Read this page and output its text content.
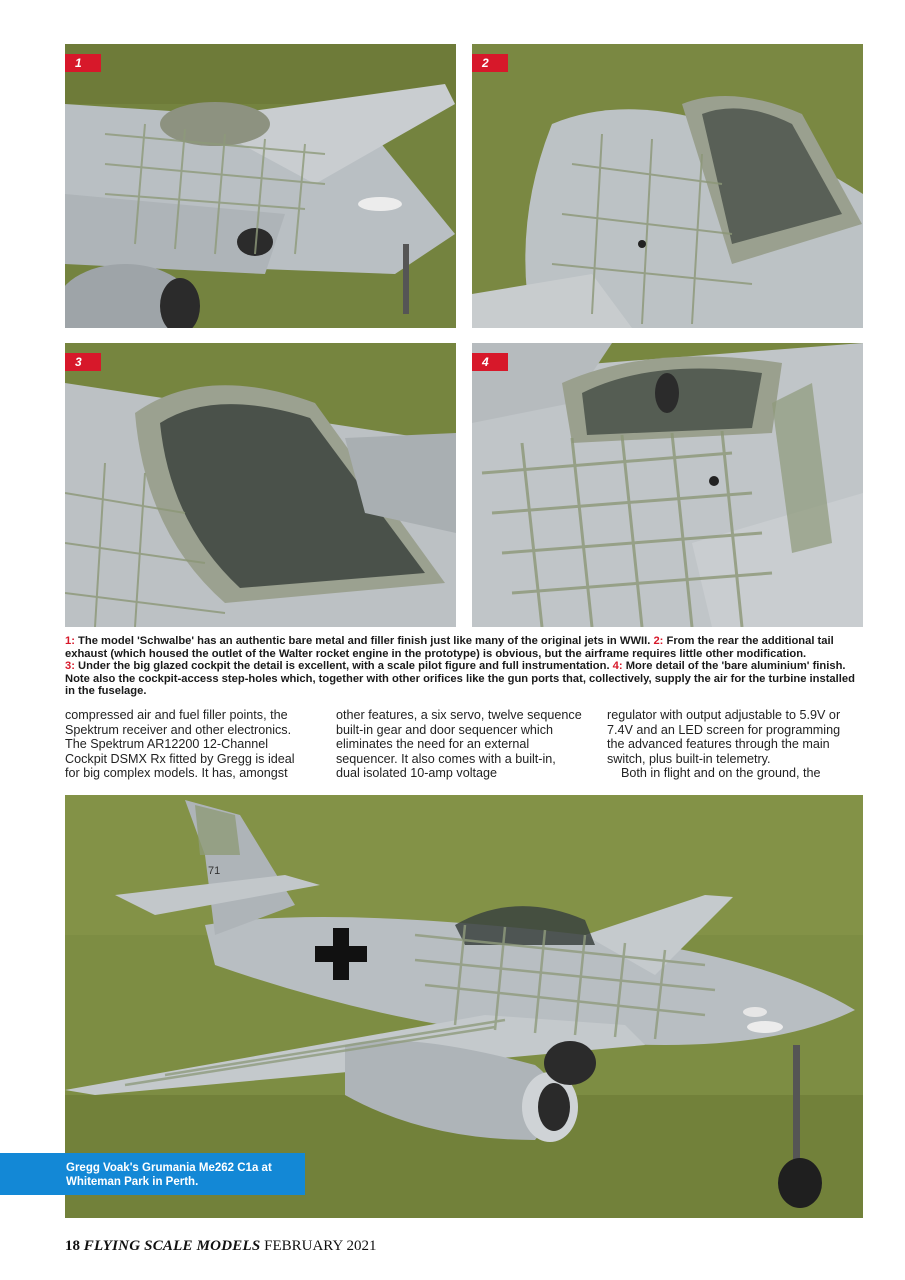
1	2
3	4

1: The model 'Schwalbe' has an authentic bare metal and filler finish just like many of the original jets in WWII. 2: From the rear the additional tail exhaust (which housed the outlet of the Walter rocket engine in the prototype) is obvious, but the airframe requires little other modification.
3: Under the big glazed cockpit the detail is excellent, with a scale pilot figure and full instrumentation. 4: More detail of the 'bare aluminium' finish. Note also the cockpit-access step-holes which, together with other orifices like the gun ports that, collectively, supply the air for the turbine installed in the fuselage.

compressed air and fuel filler points, the Spektrum receiver and other electronics. The Spektrum AR12200 12-Channel Cockpit DSMX Rx fitted by Gregg is ideal for big complex models. It has, amongst

other features, a six servo, twelve sequence built-in gear and door sequencer which eliminates the need for an external sequencer. It also comes with a built-in, dual isolated 10-amp voltage

regulator with output adjustable to 5.9V or 7.4V and an LED screen for programming the advanced features through the main switch, plus built-in telemetry.

Both in flight and on the ground, the

71
Gregg Voak's Grumania Me262 C1a at Whiteman Park in Perth.
18 FLYING SCALE MODELS FEBRUARY 2021
